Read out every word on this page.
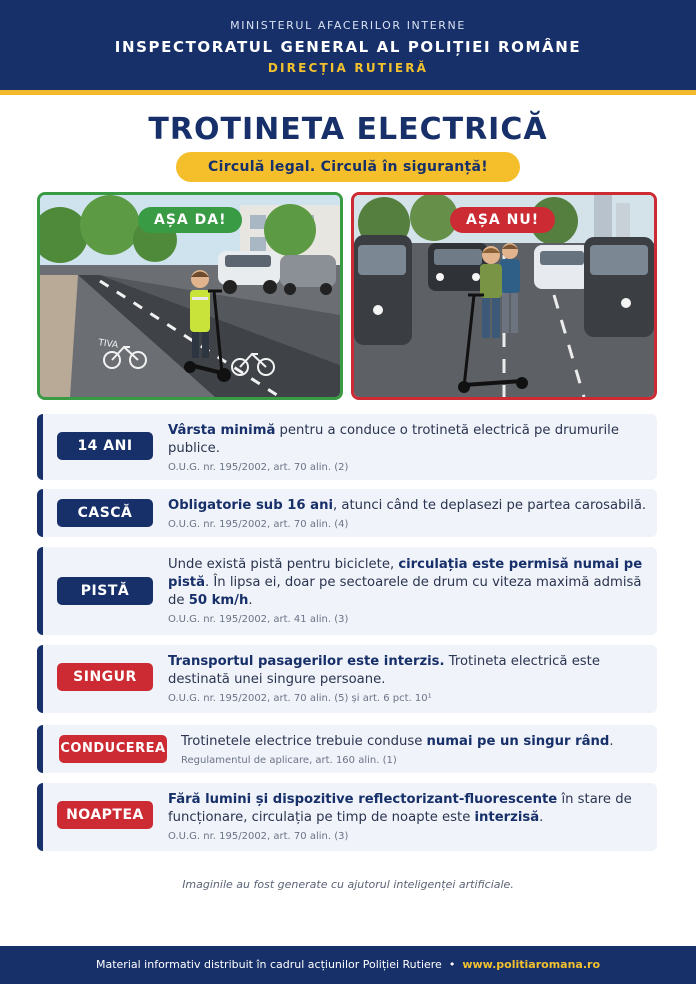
MINISTERUL AFACERILOR INTERNE
INSPECTORATUL GENERAL AL POLIȚIEI ROMÂNE
DIRECȚIA RUTIERĂ
TROTINETA ELECTRICĂ
Circulă legal. Circulă în siguranță!
TIVA
AȘA DA!	AȘA NU!
14 ANI
Vârsta minimă pentru a conduce o trotinetă electrică pe drumurile publice.
O.U.G. nr. 195/2002, art. 70 alin. (2)
CASCĂ	Obligatorie sub 16 ani, atunci când te deplasezi pe partea carosabilă.
O.U.G. nr. 195/2002, art. 70 alin. (4)
PISTĂ
Unde există pistă pentru biciclete, circulația este permisă numai pe pistă. În lipsa ei, doar pe sectoarele de drum cu viteza maximă admisă de 50 km/h.
O.U.G. nr. 195/2002, art. 41 alin. (3)
SINGUR
Transportul pasagerilor este interzis. Trotineta electrică este destinată unei singure persoane.
O.U.G. nr. 195/2002, art. 70 alin. (5) și art. 6 pct. 10¹
CONDUCEREA Trotinetele electrice trebuie conduse numai pe un singur rând.
Regulamentul de aplicare, art. 160 alin. (1)
NOAPTEA
Fără lumini și dispozitive reflectorizant-fluorescente în stare de funcționare, circulația pe timp de noapte este interzisă.
O.U.G. nr. 195/2002, art. 70 alin. (3)
Imaginile au fost generate cu ajutorul inteligenței artificiale.
Material informativ distribuit în cadrul acțiunilor Poliției Rutiere • www.politiaromana.ro
